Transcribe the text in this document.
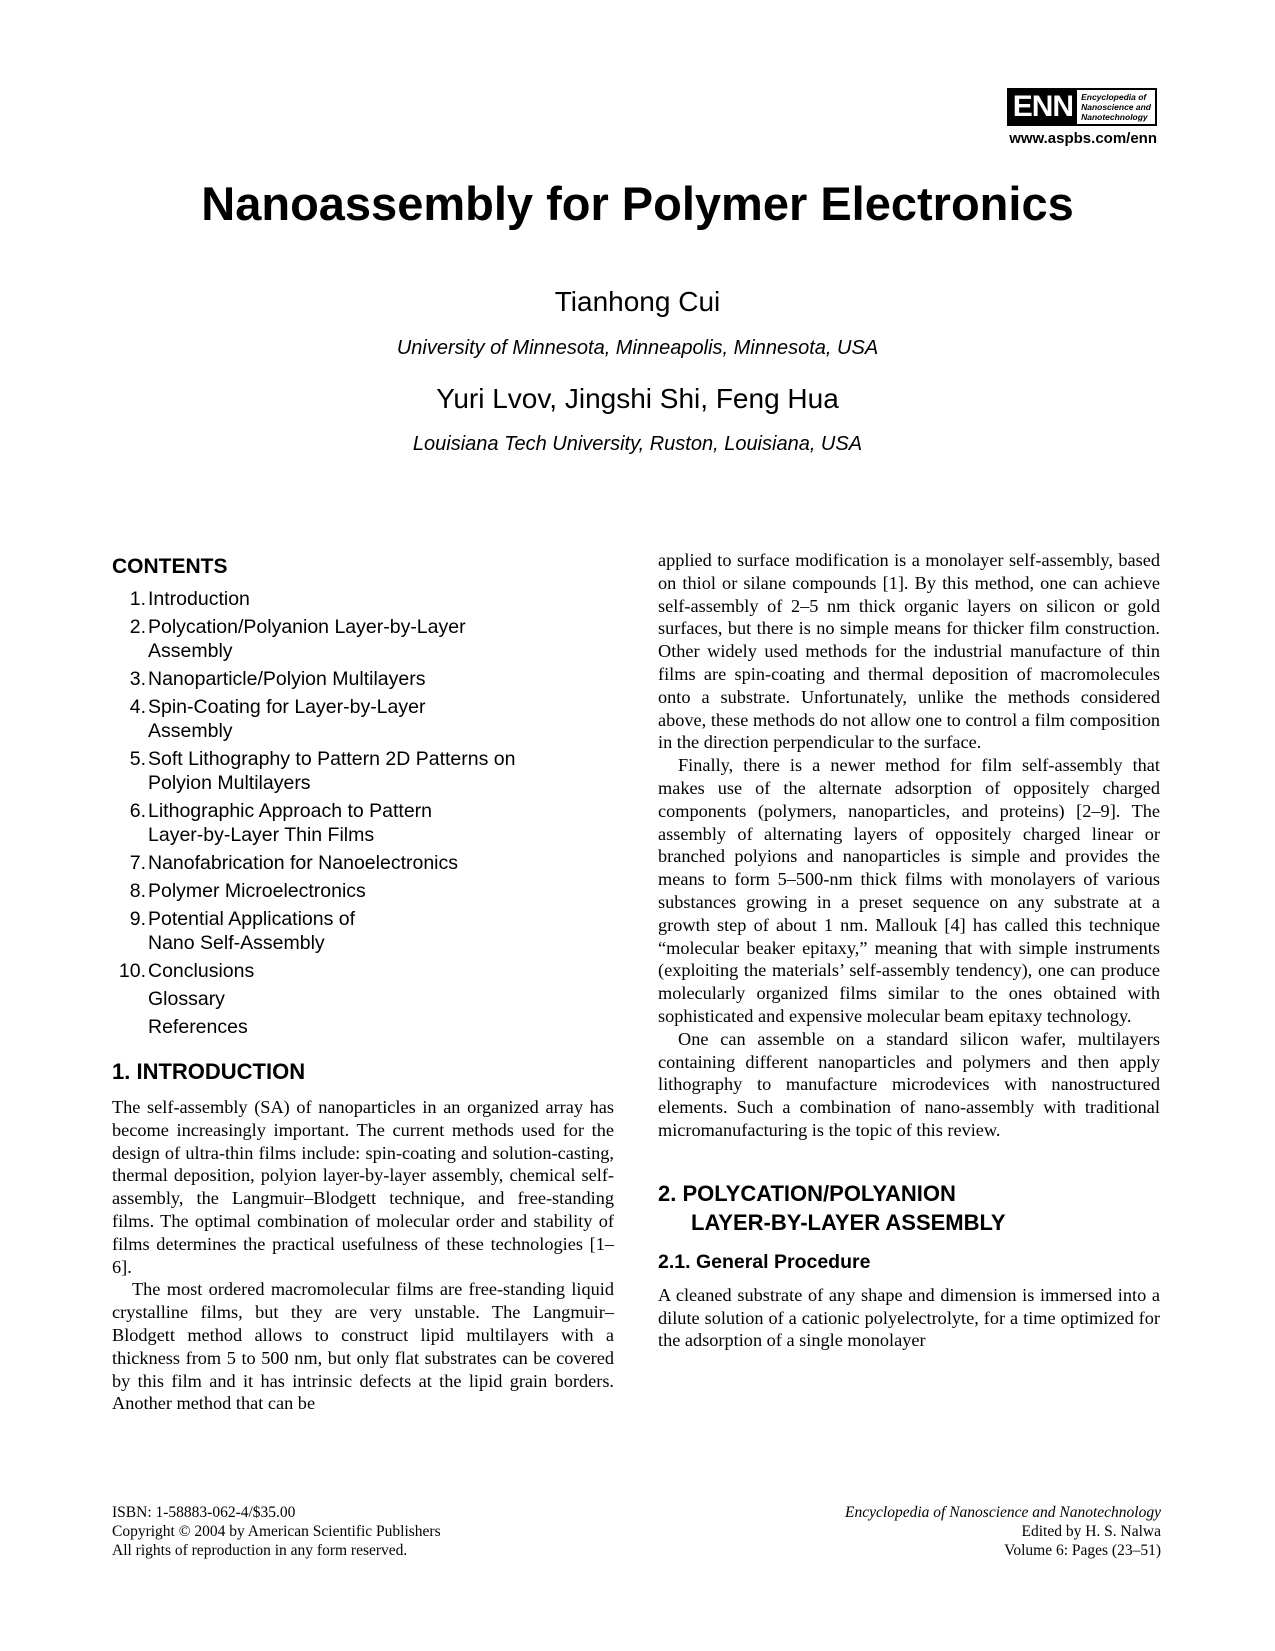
ENN Encyclopedia of
Nanoscience and
Nanotechnology
www.aspbs.com/enn
Nanoassembly for Polymer Electronics
Tianhong Cui
University of Minnesota, Minneapolis, Minnesota, USA
Yuri Lvov, Jingshi Shi, Feng Hua
Louisiana Tech University, Ruston, Louisiana, USA
CONTENTS
1. Introduction
2. Polycation/Polyanion Layer-by-Layer Assembly
3. Nanoparticle/Polyion Multilayers
4. Spin-Coating for Layer-by-Layer Assembly
5. Soft Lithography to Pattern 2D Patterns on Polyion Multilayers
6. Lithographic Approach to Pattern Layer-by-Layer Thin Films
7. Nanofabrication for Nanoelectronics
8. Polymer Microelectronics
9. Potential Applications of Nano Self-Assembly
10. Conclusions
Glossary
References
1. INTRODUCTION

The self-assembly (SA) of nanoparticles in an organized array has become increasingly important. The current methods used for the design of ultra-thin films include: spin-coating and solution-casting, thermal deposition, polyion layer-by-layer assembly, chemical self-assembly, the Langmuir–Blodgett technique, and free-standing films. The optimal combination of molecular order and stability of films determines the practical usefulness of these technologies [1–6].

The most ordered macromolecular films are free-standing liquid crystalline films, but they are very unstable. The Langmuir–Blodgett method allows to construct lipid multilayers with a thickness from 5 to 500 nm, but only flat substrates can be covered by this film and it has intrinsic defects at the lipid grain borders. Another method that can be

applied to surface modification is a monolayer self-assembly, based on thiol or silane compounds [1]. By this method, one can achieve self-assembly of 2–5 nm thick organic layers on silicon or gold surfaces, but there is no simple means for thicker film construction. Other widely used methods for the industrial manufacture of thin films are spin-coating and thermal deposition of macromolecules onto a substrate. Unfortunately, unlike the methods considered above, these methods do not allow one to control a film composition in the direction perpendicular to the surface.

Finally, there is a newer method for film self-assembly that makes use of the alternate adsorption of oppositely charged components (polymers, nanoparticles, and proteins) [2–9]. The assembly of alternating layers of oppositely charged linear or branched polyions and nanoparticles is simple and provides the means to form 5–500-nm thick films with monolayers of various substances growing in a preset sequence on any substrate at a growth step of about 1 nm. Mallouk [4] has called this technique “molecular beaker epitaxy,” meaning that with simple instruments (exploiting the materials’ self-assembly tendency), one can produce molecularly organized films similar to the ones obtained with sophisticated and expensive molecular beam epitaxy technology.

One can assemble on a standard silicon wafer, multilayers containing different nanoparticles and polymers and then apply lithography to manufacture microdevices with nanostructured elements. Such a combination of nano-assembly with traditional micromanufacturing is the topic of this review.

2. POLYCATION/POLYANION
LAYER-BY-LAYER ASSEMBLY
2.1. General Procedure

A cleaned substrate of any shape and dimension is immersed into a dilute solution of a cationic polyelectrolyte, for a time optimized for the adsorption of a single monolayer

ISBN: 1-58883-062-4/$35.00
Copyright © 2004 by American Scientific Publishers
All rights of reproduction in any form reserved.
Encyclopedia of Nanoscience and Nanotechnology
Edited by H. S. Nalwa
Volume 6: Pages (23–51)
